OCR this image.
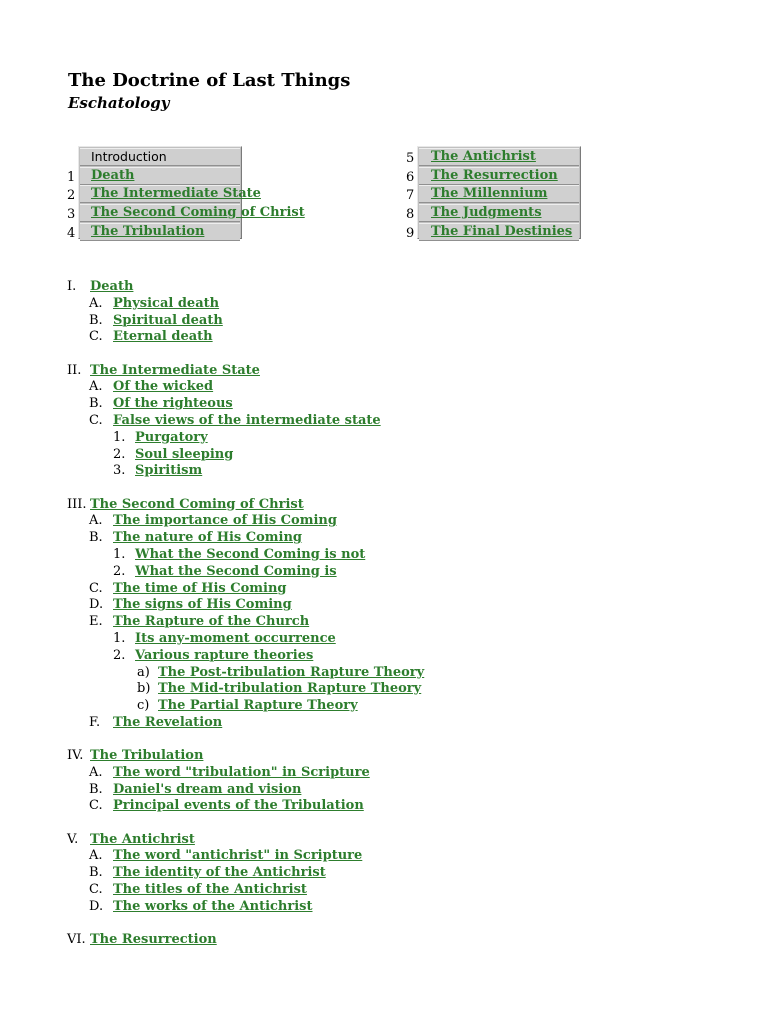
The Doctrine of Last Things
Eschatology
Introduction
1 Death
2 The Intermediate State
3 The Second Coming of Christ
4 The Tribulation
5 The Antichrist
6 The Resurrection
7 The Millennium
8 The Judgments
9 The Final Destinies
I.	Death
A. Physical death
B. Spiritual death
C. Eternal death
II. The Intermediate State
A. Of the wicked
B. Of the righteous
C. False views of the intermediate state
1. Purgatory
2. Soul sleeping
3. Spiritism
III. The Second Coming of Christ
A. The importance of His Coming
B. The nature of His Coming
1. What the Second Coming is not
2. What the Second Coming is
C. The time of His Coming
D. The signs of His Coming
E. The Rapture of the Church
1. Its any-moment occurrence
2. Various rapture theories
a) The Post-tribulation Rapture Theory
b) The Mid-tribulation Rapture Theory
c) The Partial Rapture Theory
F. The Revelation
IV. The Tribulation
A. The word "tribulation" in Scripture
B. Daniel's dream and vision
C. Principal events of the Tribulation
V. The Antichrist
A. The word "antichrist" in Scripture
B. The identity of the Antichrist
C. The titles of the Antichrist
D. The works of the Antichrist
VI. The Resurrection
